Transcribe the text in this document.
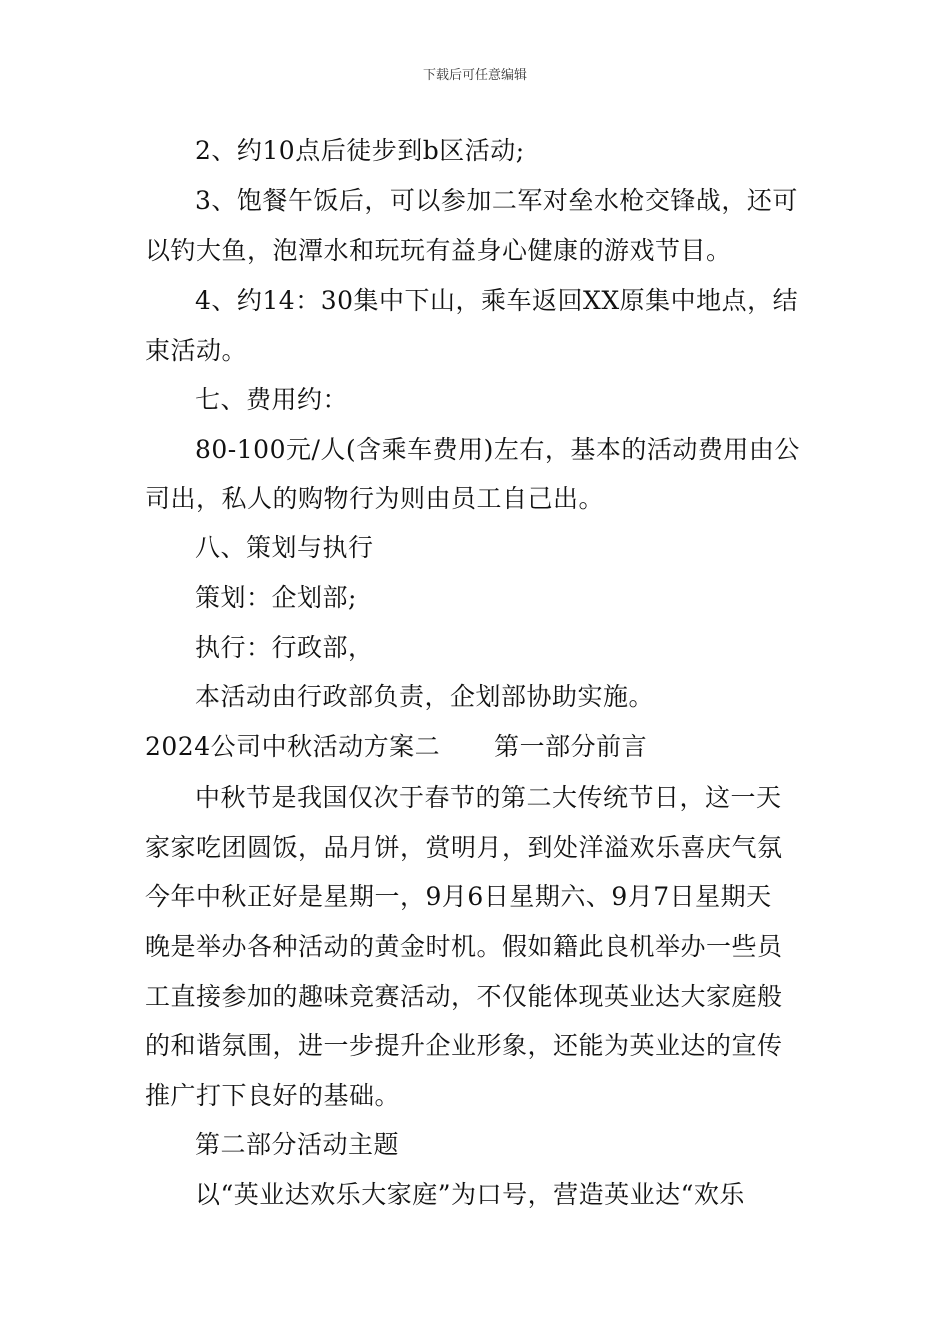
下载后可任意编辑
2、约10点后徒步到b区活动;
3、饱餐午饭后，可以参加二军对垒水枪交锋战，还可
以钓大鱼，泡潭水和玩玩有益身心健康的游戏节目。
4、约14：30集中下山，乘车返回XX原集中地点，结
束活动。
七、费用约：
80-100元/人(含乘车费用)左右，基本的活动费用由公
司出，私人的购物行为则由员工自己出。
八、策划与执行
策划：企划部;
执行：行政部，
本活动由行政部负责，企划部协助实施。
2024公司中秋活动方案二 第一部分前言
中秋节是我国仅次于春节的第二大传统节日，这一天
家家吃团圆饭，品月饼，赏明月，到处洋溢欢乐喜庆气氛
今年中秋正好是星期一，9月6日星期六、9月7日星期天
晚是举办各种活动的黄金时机。假如籍此良机举办一些员
工直接参加的趣味竞赛活动，不仅能体现英业达大家庭般
的和谐氛围，进一步提升企业形象，还能为英业达的宣传
推广打下良好的基础。
第二部分活动主题
以“英业达欢乐大家庭”为口号，营造英业达“欢乐
